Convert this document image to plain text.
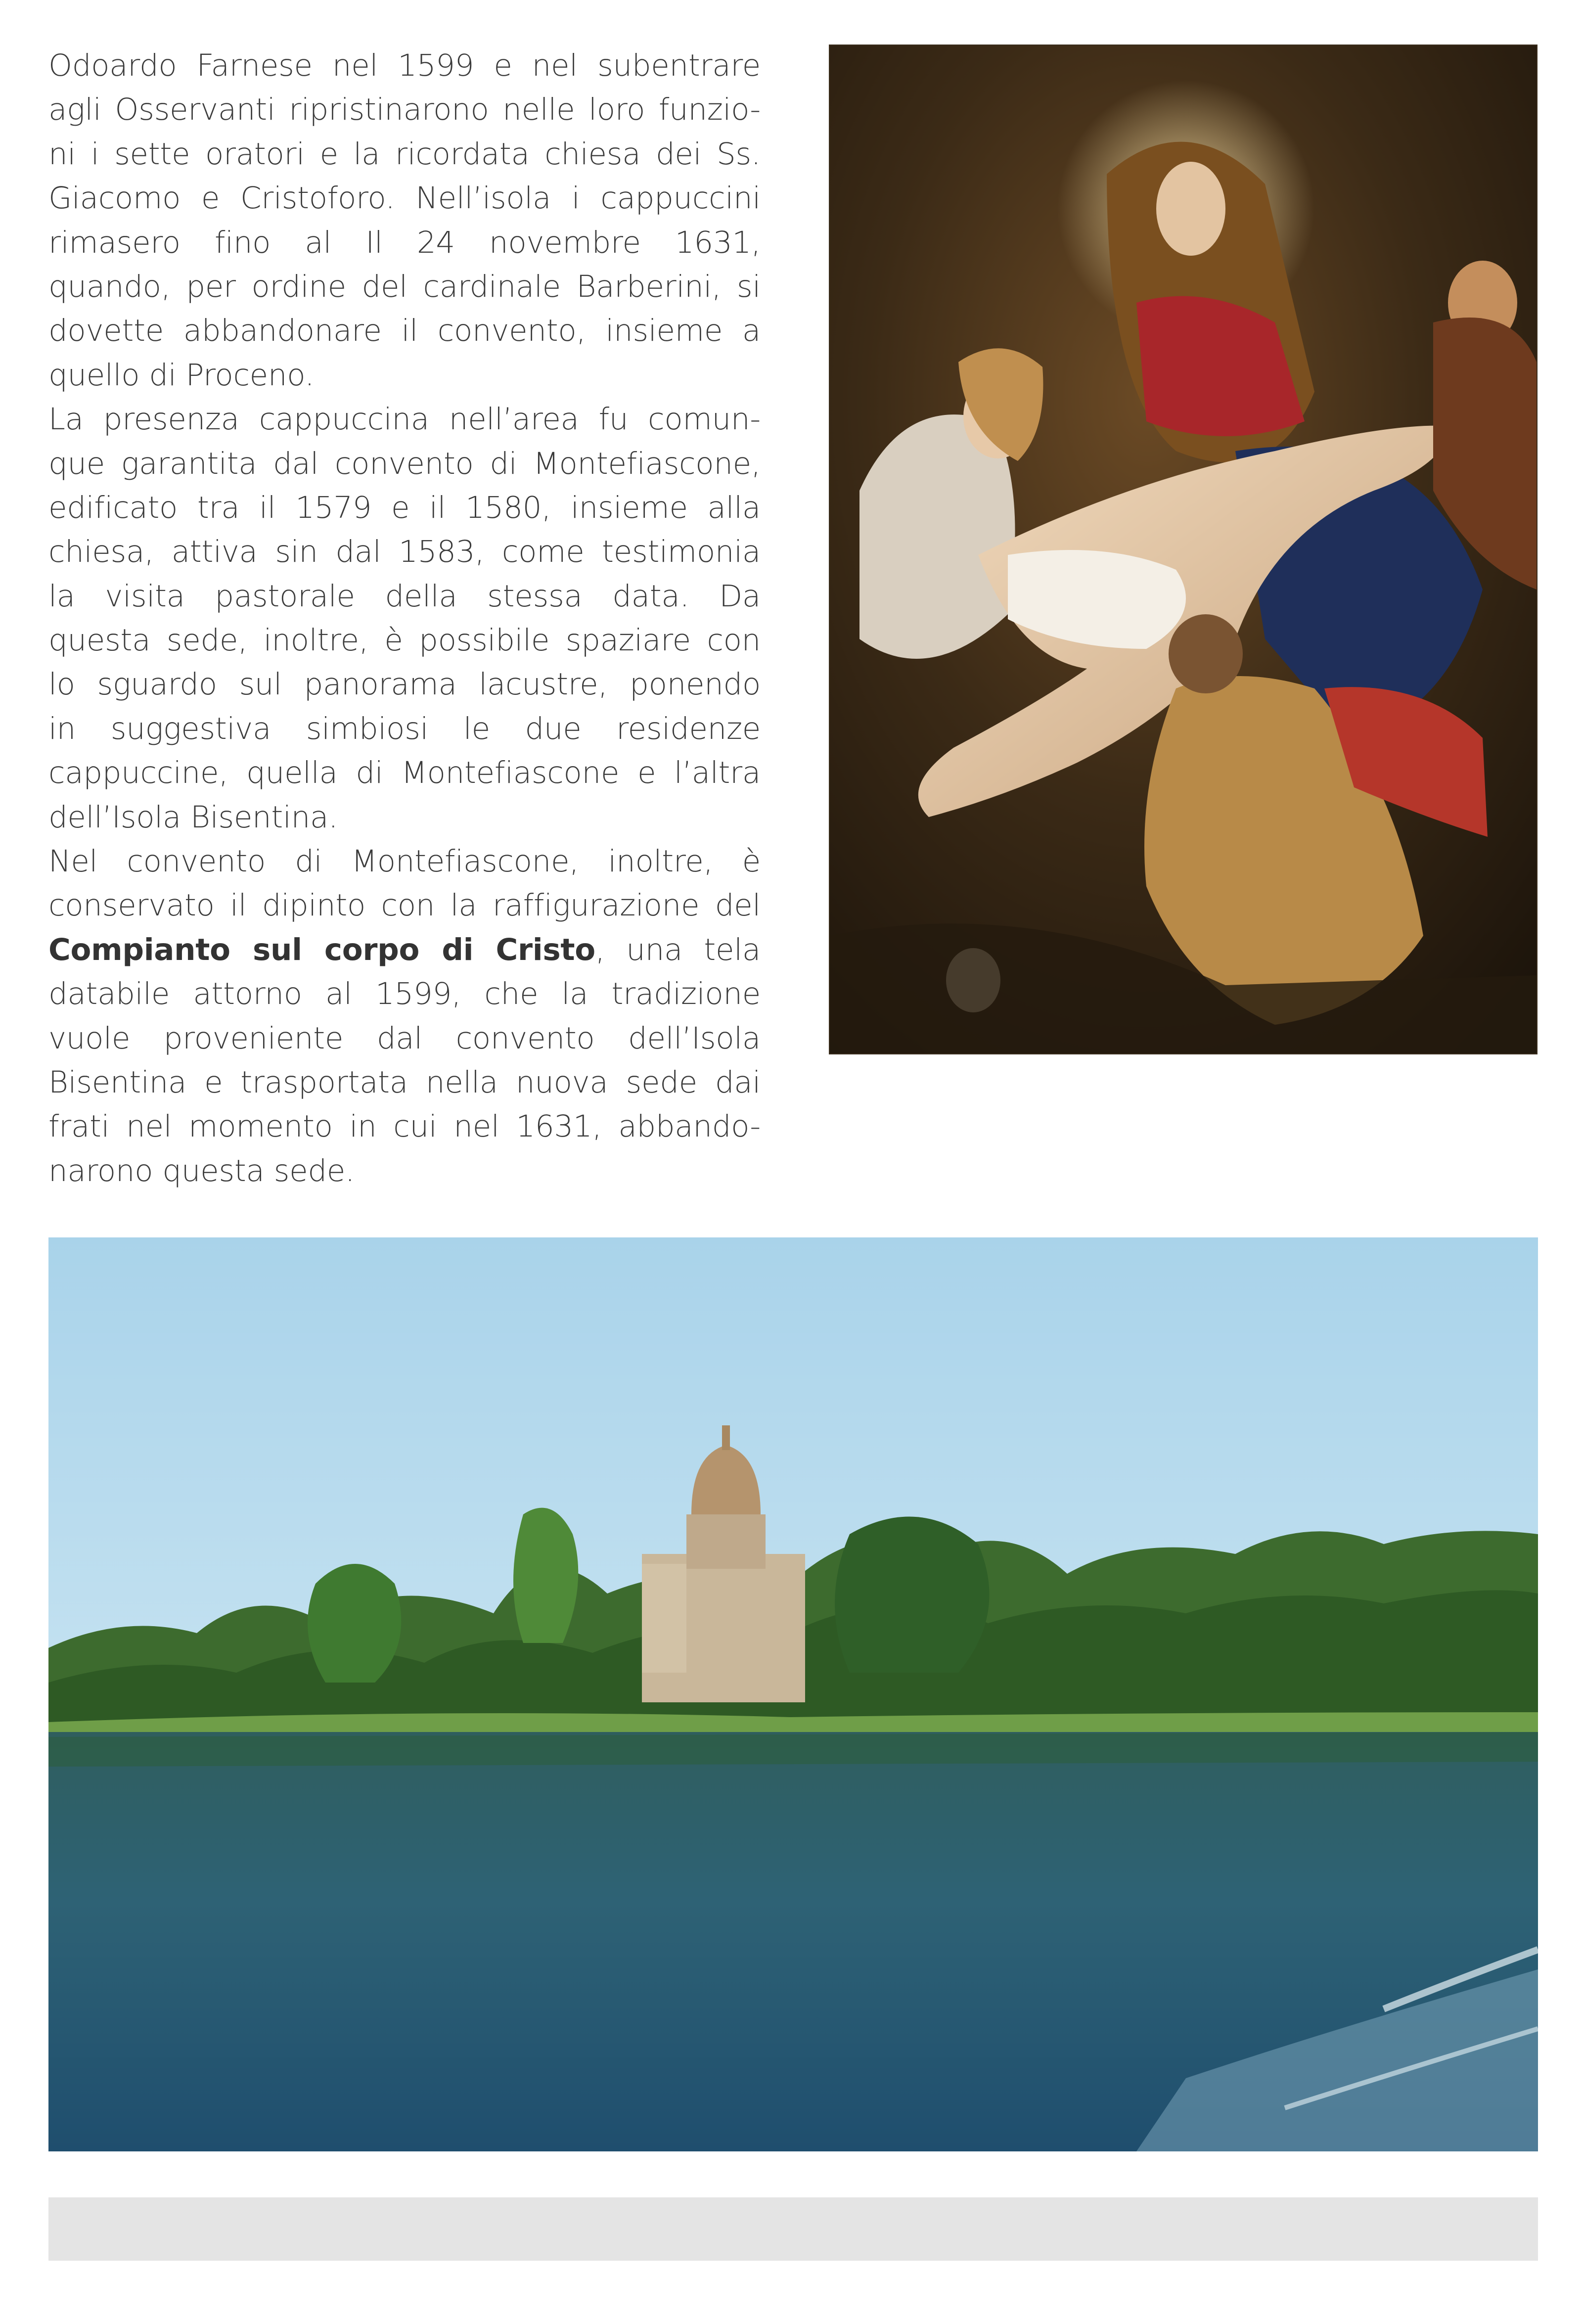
Odoardo Farnese nel 1599 e nel subentrare
agli Osservanti ripristinarono nelle loro funzio-
ni i sette oratori e la ricordata chiesa dei Ss.
Giacomo e Cristoforo. Nell’isola i cappuccini
rimasero fino al Il 24 novembre 1631,
quando, per ordine del cardinale Barberini, si
dovette abbandonare il convento, insieme a
quello di Proceno.
La presenza cappuccina nell’area fu comun-
que garantita dal convento di Montefiascone,
edificato tra il 1579 e il 1580, insieme alla
chiesa, attiva sin dal 1583, come testimonia
la visita pastorale della stessa data. Da
questa sede, inoltre, è possibile spaziare con
lo sguardo sul panorama lacustre, ponendo
in suggestiva simbiosi le due residenze
cappuccine, quella di Montefiascone e l’altra
dell’Isola Bisentina.
Nel convento di Montefiascone, inoltre, è
conservato il dipinto con la raffigurazione del
Compianto sul corpo di Cristo, una tela
databile attorno al 1599, che la tradizione
vuole proveniente dal convento dell’Isola
Bisentina e trasportata nella nuova sede dai
frati nel momento in cui nel 1631, abbando-
narono questa sede.
